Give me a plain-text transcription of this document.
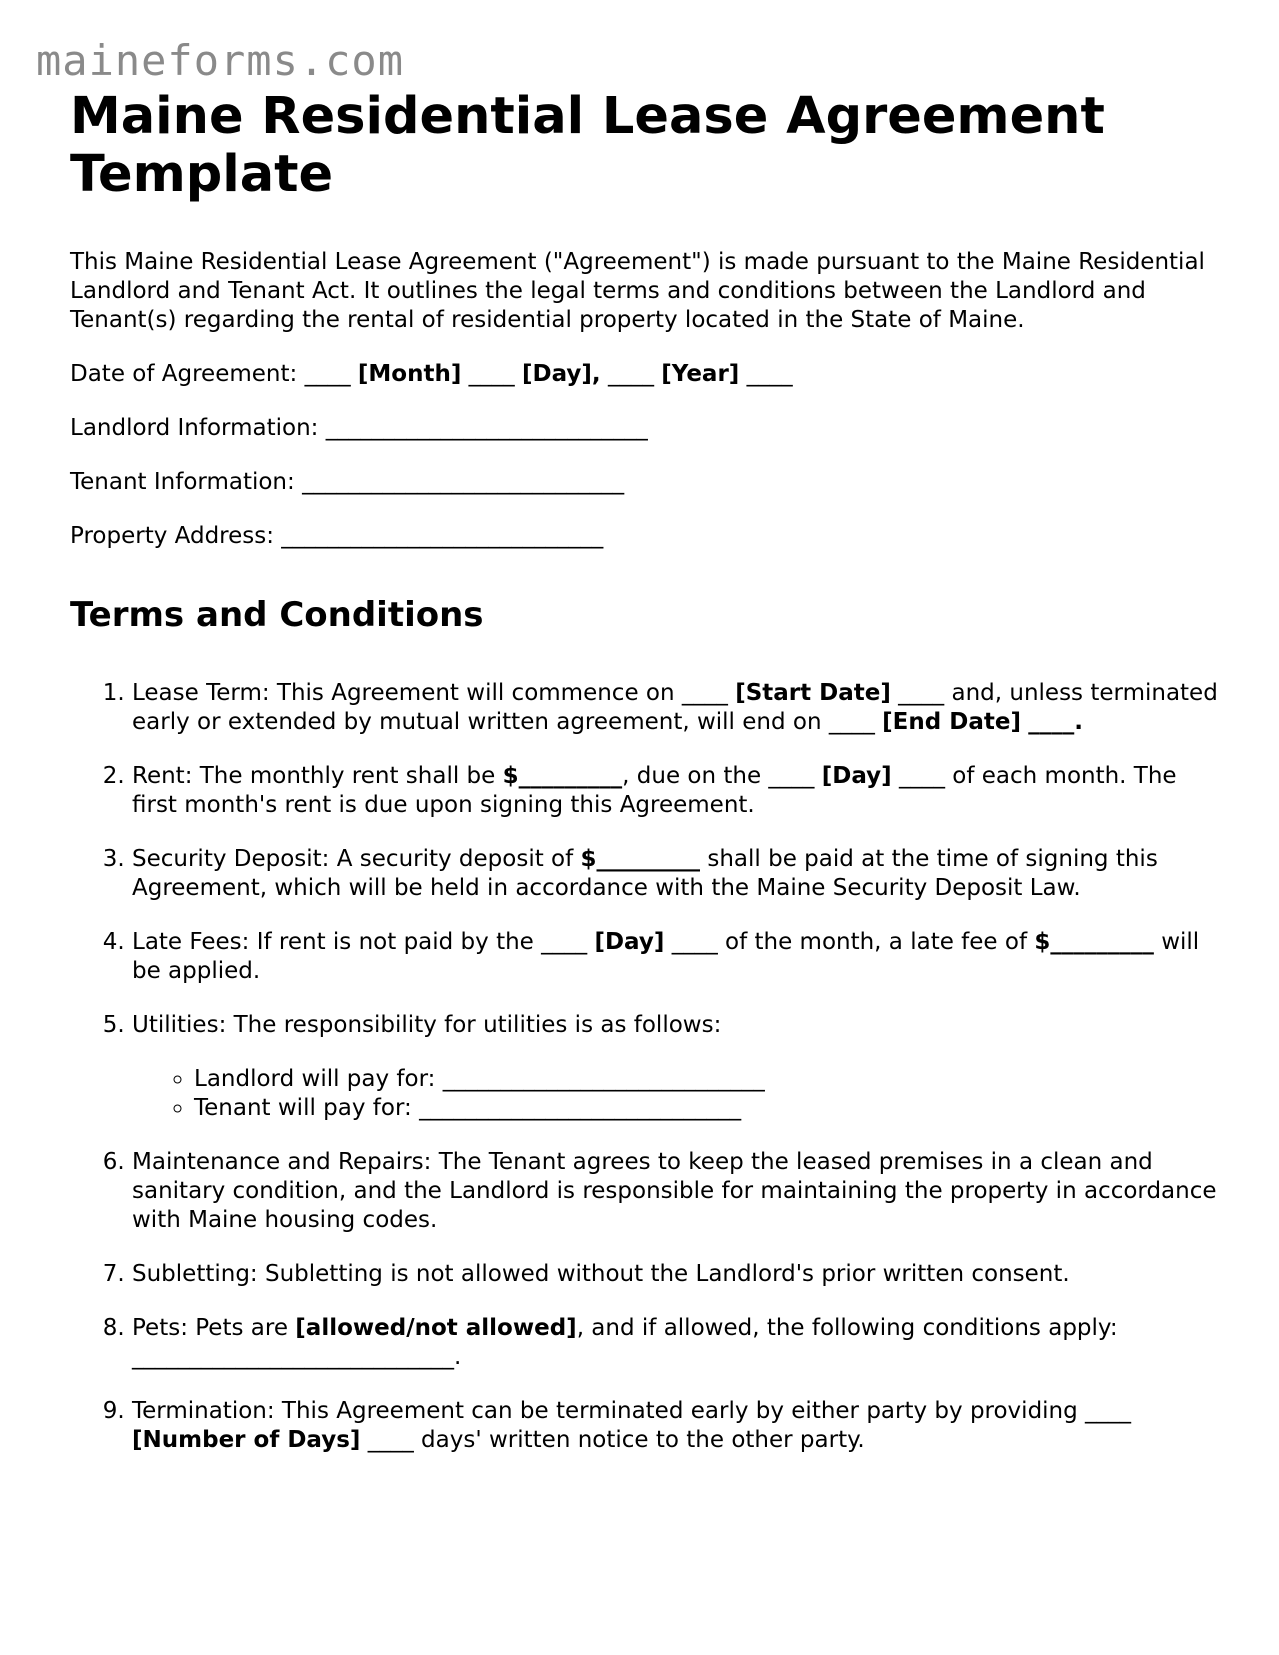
maineforms.com
Maine Residential Lease Agreement Template

This Maine Residential Lease Agreement ("Agreement") is made pursuant to the Maine Residential Landlord and Tenant Act. It outlines the legal terms and conditions between the Landlord and Tenant(s) regarding the rental of residential property located in the State of Maine.

Date of Agreement: ____ [Month] ____ [Day], ____ [Year] ____

Landlord Information: ____________________________

Tenant Information: ____________________________

Property Address: ____________________________

Terms and Conditions
1. Lease Term: This Agreement will commence on ____ [Start Date] ____ and, unless terminated early or extended by mutual written agreement, will end on ____ [End Date] ____.
2. Rent: The monthly rent shall be $_________, due on the ____ [Day] ____ of each month. The first month's rent is due upon signing this Agreement.
3. Security Deposit: A security deposit of $_________ shall be paid at the time of signing this Agreement, which will be held in accordance with the Maine Security Deposit Law.
4. Late Fees: If rent is not paid by the ____ [Day] ____ of the month, a late fee of $_________ will be applied.
5. Utilities: The responsibility for utilities is as follows:
◦ Landlord will pay for: ____________________________
◦ Tenant will pay for: ____________________________
6. Maintenance and Repairs: The Tenant agrees to keep the leased premises in a clean and sanitary condition, and the Landlord is responsible for maintaining the property in accordance with Maine housing codes.
7. Subletting: Subletting is not allowed without the Landlord's prior written consent.
8. Pets: Pets are [allowed/not allowed], and if allowed, the following conditions apply: ____________________________.
9. Termination: This Agreement can be terminated early by either party by providing ____ [Number of Days] ____ days' written notice to the other party.
